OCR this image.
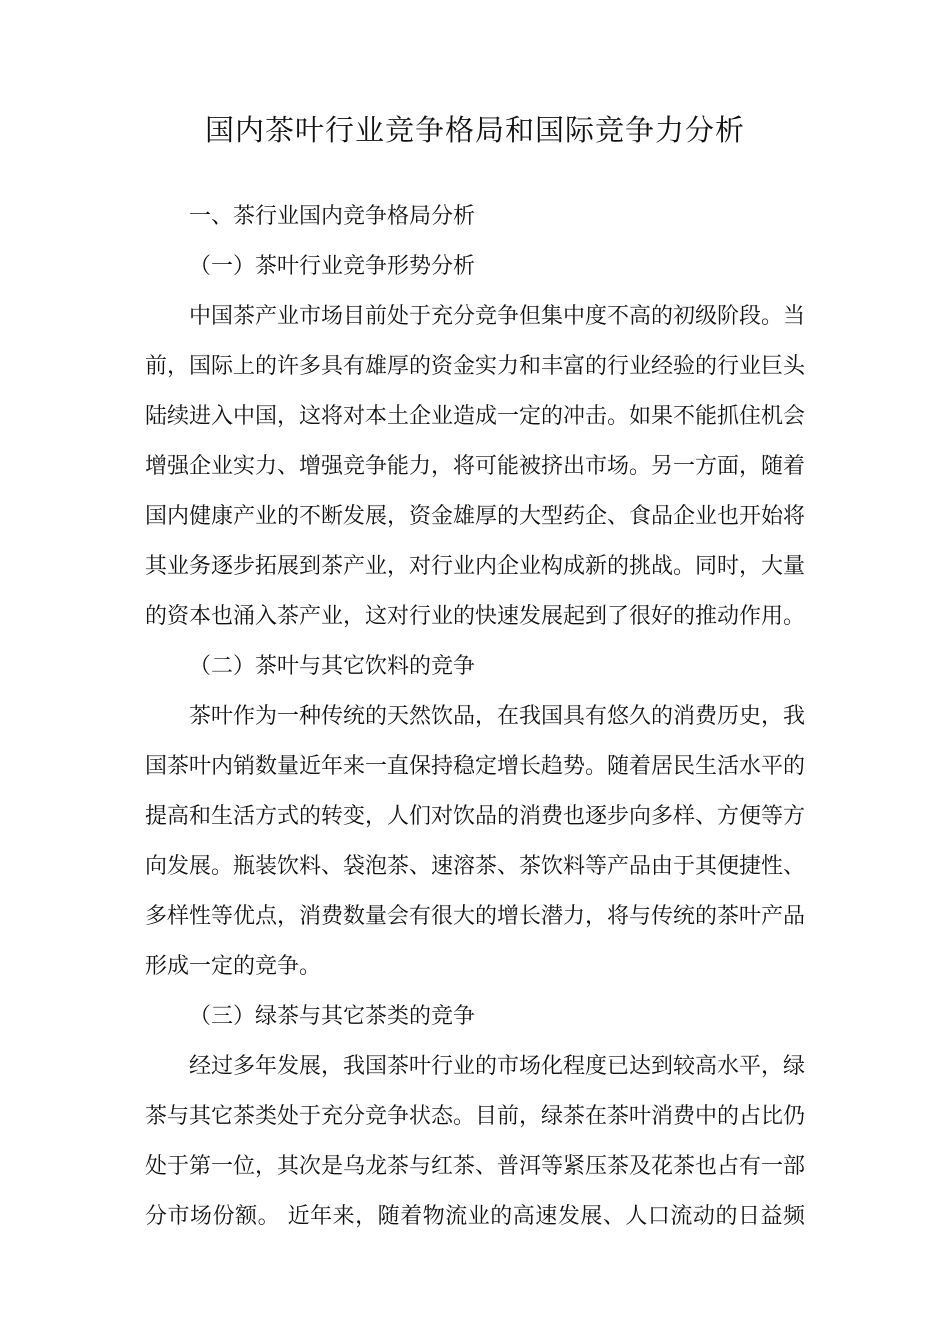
国内茶叶行业竞争格局和国际竞争力分析
一、茶行业国内竞争格局分析
（一）茶叶行业竞争形势分析
中国茶产业市场目前处于充分竞争但集中度不高的初级阶段。当
前，国际上的许多具有雄厚的资金实力和丰富的行业经验的行业巨头
陆续进入中国，这将对本土企业造成一定的冲击。如果不能抓住机会
增强企业实力、增强竞争能力，将可能被挤出市场。另一方面，随着
国内健康产业的不断发展，资金雄厚的大型药企、食品企业也开始将
其业务逐步拓展到茶产业，对行业内企业构成新的挑战。同时，大量
的资本也涌入茶产业，这对行业的快速发展起到了很好的推动作用。
（二）茶叶与其它饮料的竞争
茶叶作为一种传统的天然饮品，在我国具有悠久的消费历史，我
国茶叶内销数量近年来一直保持稳定增长趋势。随着居民生活水平的
提高和生活方式的转变，人们对饮品的消费也逐步向多样、方便等方
向发展。瓶装饮料、袋泡茶、速溶茶、茶饮料等产品由于其便捷性、
多样性等优点，消费数量会有很大的增长潜力，将与传统的茶叶产品
形成一定的竞争。
（三）绿茶与其它茶类的竞争
经过多年发展，我国茶叶行业的市场化程度已达到较高水平，绿
茶与其它茶类处于充分竞争状态。目前，绿茶在茶叶消费中的占比仍
处于第一位，其次是乌龙茶与红茶、普洱等紧压茶及花茶也占有一部
分市场份额。 近年来，随着物流业的高速发展、人口流动的日益频
